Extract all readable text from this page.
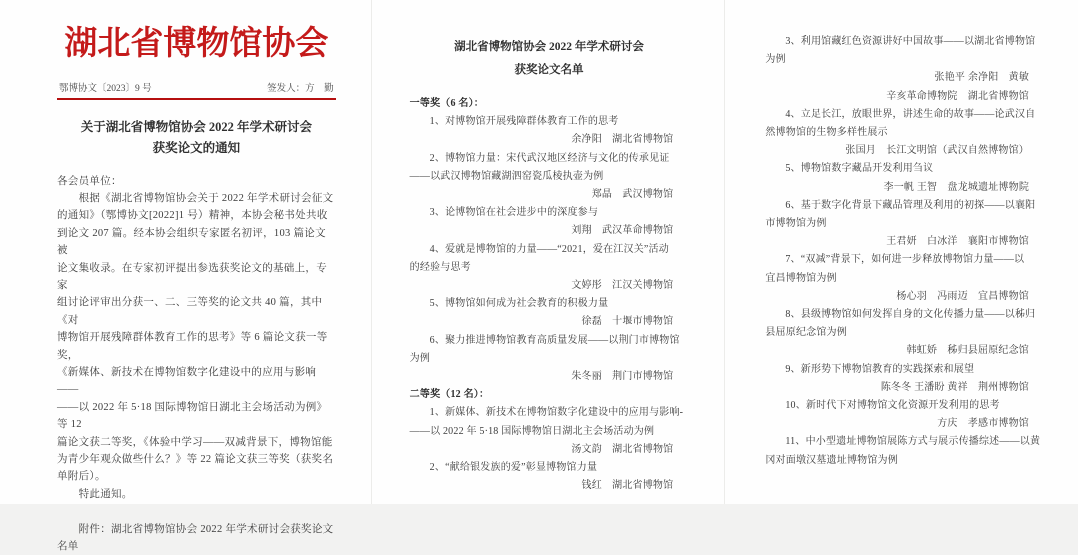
湖北省博物馆协会
鄂博协文〔2023〕9 号	签发人：方　勤
关于湖北省博物馆协会 2022 年学术研讨会
获奖论文的通知
各会员单位：
　　根据《湖北省博物馆协会关于 2022 年学术研讨会征文
的通知》（鄂博协文[2022]1 号）精神，本协会秘书处共收
到论文 207 篇。经本协会组织专家匿名初评，103 篇论文被
论文集收录。在专家初评提出参选获奖论文的基础上，专家
组讨论评审出分获一、二、三等奖的论文共 40 篇，其中《对
博物馆开展残障群体教育工作的思考》等 6 篇论文获一等奖，
《新媒体、新技术在博物馆数字化建设中的应用与影响——
——以 2022 年 5·18 国际博物馆日湖北主会场活动为例》等 12
篇论文获二等奖，《体验中学习——双减背景下，博物馆能
为青少年观众做些什么？》等 22 篇论文获三等奖（获奖名
单附后）。
　　特此通知。

　　附件：湖北省博物馆协会 2022 年学术研讨会获奖论文
名单
湖北省博物馆协会 2022 年学术研讨会
获奖论文名单
一等奖（6 名）：
1、对博物馆开展残障群体教育工作的思考
余净阳　湖北省博物馆
2、博物馆力量：宋代武汉地区经济与文化的传承见证
——以武汉博物馆藏湖泗窑瓷瓜棱执壶为例
郑晶　武汉博物馆
3、论博物馆在社会进步中的深度参与
刘翔　武汉革命博物馆
4、爱就是博物馆的力量——“2021，爱在江汉关”活动
的经验与思考
文婷彤　江汉关博物馆
5、博物馆如何成为社会教育的积极力量
徐磊　十堰市博物馆
6、聚力推进博物馆教育高质量发展——以荆门市博物馆
为例
朱冬丽　荆门市博物馆
二等奖（12 名）：
1、新媒体、新技术在博物馆数字化建设中的应用与影响-
——以 2022 年 5·18 国际博物馆日湖北主会场活动为例
汤文韵　湖北省博物馆
2、“献给银发族的爱”彰显博物馆力量
钱红　湖北省博物馆
3、利用馆藏红色资源讲好中国故事——以湖北省博物馆
为例
张艳平 余净阳　黄敏
辛亥革命博物院　湖北省博物馆
4、立足长江，放眼世界，讲述生命的故事——论武汉自
然博物馆的生物多样性展示
张国月　长江文明馆（武汉自然博物馆）
5、博物馆数字藏品开发利用刍议
李一帆 王智　盘龙城遗址博物院
6、基于数字化背景下藏品管理及利用的初探——以襄阳
市博物馆为例
王君妍　白冰洋　襄阳市博物馆
7、“双减”背景下，如何进一步释放博物馆力量——以
宜昌博物馆为例
杨心羽　冯雨迈　宜昌博物馆
8、县级博物馆如何发挥自身的文化传播力量——以秭归
县屈原纪念馆为例
韩虹娇　秭归县屈原纪念馆
9、新形势下博物馆教育的实践探索和展望
陈冬冬 王潘盼 黄祥　荆州博物馆
10、新时代下对博物馆文化资源开发利用的思考
方庆　孝感市博物馆
11、中小型遗址博物馆展陈方式与展示传播综述——以黄
冈对面墩汉墓遗址博物馆为例
